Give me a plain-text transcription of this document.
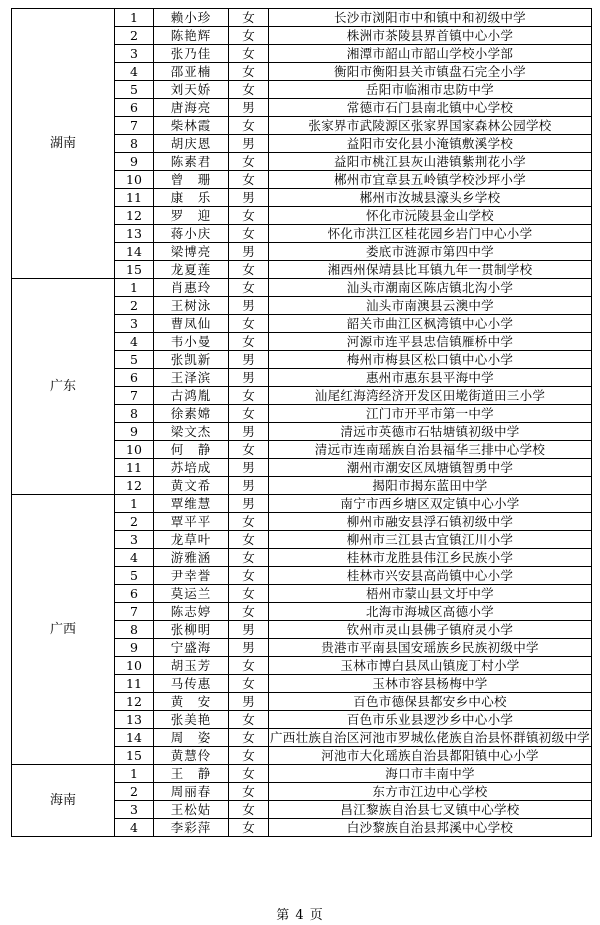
湖南	1	赖小珍	女	长沙市浏阳市中和镇中和初级中学
	2	陈艳辉	女	株洲市茶陵县界首镇中心小学
	3	张乃佳	女	湘潭市韶山市韶山学校小学部
	4	邵亚楠	女	衡阳市衡阳县关市镇盘石完全小学
	5	刘天娇	女	岳阳市临湘市忠防中学
	6	唐海亮	男	常德市石门县南北镇中心学校
	7	柴林霞	女	张家界市武陵源区张家界国家森林公园学校
	8	胡庆恩	男	益阳市安化县小淹镇敷溪学校
	9	陈素君	女	益阳市桃江县灰山港镇紫荆花小学
	10	曾　珊	女	郴州市宜章县五岭镇学校沙坪小学
	11	康　乐	男	郴州市汝城县濠头乡学校
	12	罗　迎	女	怀化市沅陵县金山学校
	13	蒋小庆	女	怀化市洪江区桂花园乡岩门中心小学
	14	梁博亮	男	娄底市涟源市第四中学
	15	龙夏莲	女	湘西州保靖县比耳镇九年一贯制学校
广东	1	肖惠玲	女	汕头市潮南区陈店镇北沟小学
	2	王树泳	男	汕头市南澳县云澳中学
	3	曹凤仙	女	韶关市曲江区枫湾镇中心小学
	4	韦小曼	女	河源市连平县忠信镇雁桥中学
	5	张凯新	男	梅州市梅县区松口镇中心小学
	6	王泽滨	男	惠州市惠东县平海中学
	7	古鸿胤	女	汕尾红海湾经济开发区田墘街道田三小学
	8	徐素嫦	女	江门市开平市第一中学
	9	梁文杰	男	清远市英德市石牯塘镇初级中学
	10	何　静	女	清远市连南瑶族自治县福华三排中心学校
	11	苏培成	男	潮州市潮安区凤塘镇智勇中学
	12	黄文希	男	揭阳市揭东蓝田中学
广西	1	覃维慧	男	南宁市西乡塘区双定镇中心小学
	2	覃平平	女	柳州市融安县浮石镇初级中学
	3	龙草叶	女	柳州市三江县古宜镇江川小学
	4	游雅涵	女	桂林市龙胜县伟江乡民族小学
	5	尹幸誉	女	桂林市兴安县高尚镇中心小学
	6	莫运兰	女	梧州市蒙山县文圩中学
	7	陈志婷	女	北海市海城区高德小学
	8	张柳明	男	钦州市灵山县佛子镇府灵小学
	9	宁盛海	男	贵港市平南县国安瑶族乡民族初级中学
	10	胡玉芳	女	玉林市博白县凤山镇庞丁村小学
	11	马传惠	女	玉林市容县杨梅中学
	12	黄　安	男	百色市德保县都安乡中心校
	13	张美艳	女	百色市乐业县逻沙乡中心小学
	14	周　姿	女	广西壮族自治区河池市罗城仫佬族自治县怀群镇初级中学
	15	黄慧伶	女	河池市大化瑶族自治县都阳镇中心小学
海南	1	王　静	女	海口市丰南中学
	2	周丽春	女	东方市江边中心学校
	3	王松姑	女	昌江黎族自治县七叉镇中心学校
	4	李彩萍	女	白沙黎族自治县邦溪中心学校
第 4 页
